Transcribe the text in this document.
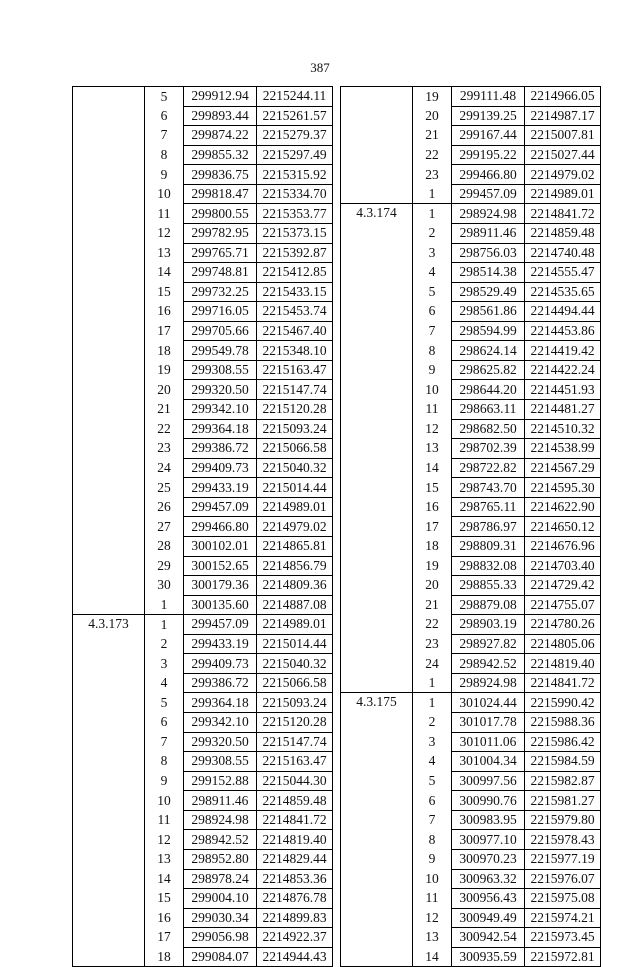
387
	5	299912.94	2215244.11
	6	299893.44	2215261.57
	7	299874.22	2215279.37
	8	299855.32	2215297.49
	9	299836.75	2215315.92
	10	299818.47	2215334.70
	11	299800.55	2215353.77
	12	299782.95	2215373.15
	13	299765.71	2215392.87
	14	299748.81	2215412.85
	15	299732.25	2215433.15
	16	299716.05	2215453.74
	17	299705.66	2215467.40
	18	299549.78	2215348.10
	19	299308.55	2215163.47
	20	299320.50	2215147.74
	21	299342.10	2215120.28
	22	299364.18	2215093.24
	23	299386.72	2215066.58
	24	299409.73	2215040.32
	25	299433.19	2215014.44
	26	299457.09	2214989.01
	27	299466.80	2214979.02
	28	300102.01	2214865.81
	29	300152.65	2214856.79
	30	300179.36	2214809.36
	1	300135.60	2214887.08
4.3.173	1	299457.09	2214989.01
	2	299433.19	2215014.44
	3	299409.73	2215040.32
	4	299386.72	2215066.58
	5	299364.18	2215093.24
	6	299342.10	2215120.28
	7	299320.50	2215147.74
	8	299308.55	2215163.47
	9	299152.88	2215044.30
	10	298911.46	2214859.48
	11	298924.98	2214841.72
	12	298942.52	2214819.40
	13	298952.80	2214829.44
	14	298978.24	2214853.36
	15	299004.10	2214876.78
	16	299030.34	2214899.83
	17	299056.98	2214922.37
	18	299084.07	2214944.43
	19	299111.48	2214966.05
	20	299139.25	2214987.17
	21	299167.44	2215007.81
	22	299195.22	2215027.44
	23	299466.80	2214979.02
	1	299457.09	2214989.01
4.3.174	1	298924.98	2214841.72
	2	298911.46	2214859.48
	3	298756.03	2214740.48
	4	298514.38	2214555.47
	5	298529.49	2214535.65
	6	298561.86	2214494.44
	7	298594.99	2214453.86
	8	298624.14	2214419.42
	9	298625.82	2214422.24
	10	298644.20	2214451.93
	11	298663.11	2214481.27
	12	298682.50	2214510.32
	13	298702.39	2214538.99
	14	298722.82	2214567.29
	15	298743.70	2214595.30
	16	298765.11	2214622.90
	17	298786.97	2214650.12
	18	298809.31	2214676.96
	19	298832.08	2214703.40
	20	298855.33	2214729.42
	21	298879.08	2214755.07
	22	298903.19	2214780.26
	23	298927.82	2214805.06
	24	298942.52	2214819.40
	1	298924.98	2214841.72
4.3.175	1	301024.44	2215990.42
	2	301017.78	2215988.36
	3	301011.06	2215986.42
	4	301004.34	2215984.59
	5	300997.56	2215982.87
	6	300990.76	2215981.27
	7	300983.95	2215979.80
	8	300977.10	2215978.43
	9	300970.23	2215977.19
	10	300963.32	2215976.07
	11	300956.43	2215975.08
	12	300949.49	2215974.21
	13	300942.54	2215973.45
	14	300935.59	2215972.81
